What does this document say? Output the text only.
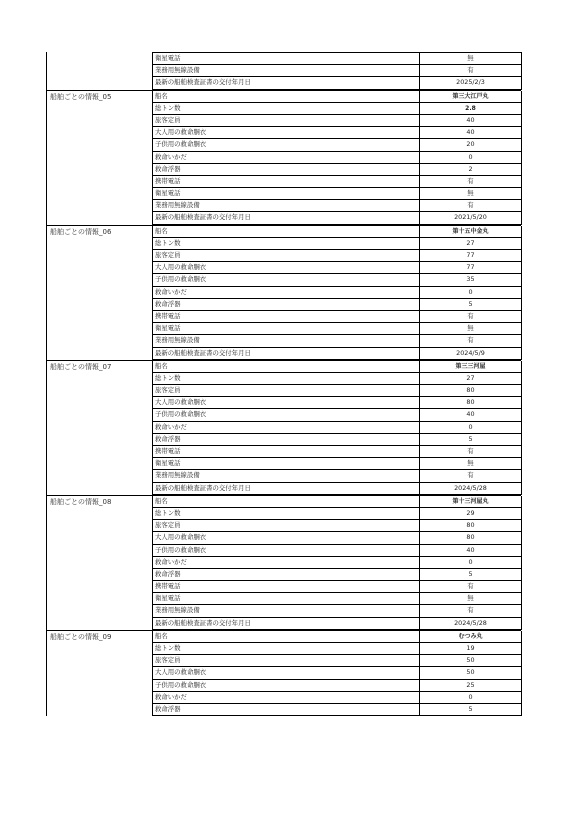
衛星電話	無
業務用無線設備	有
最新の船舶検査証書の交付年月日	2025/2/3
船舶ごとの情報_05	船名	第三大江戸丸
総トン数	2.8
旅客定員	40
大人用の救命胴衣	40
子供用の救命胴衣	20
救命いかだ	0
救命浮器	2
携帯電話	有
衛星電話	無
業務用無線設備	有
最新の船舶検査証書の交付年月日	2021/5/20
船舶ごとの情報_06	船名	第十五中金丸
総トン数	27
旅客定員	77
大人用の救命胴衣	77
子供用の救命胴衣	35
救命いかだ	0
救命浮器	5
携帯電話	有
衛星電話	無
業務用無線設備	有
最新の船舶検査証書の交付年月日	2024/5/9
船舶ごとの情報_07	船名	第三三河屋
総トン数	27
旅客定員	80
大人用の救命胴衣	80
子供用の救命胴衣	40
救命いかだ	0
救命浮器	5
携帯電話	有
衛星電話	無
業務用無線設備	有
最新の船舶検査証書の交付年月日	2024/5/28
船舶ごとの情報_08	船名	第十三河屋丸
総トン数	29
旅客定員	80
大人用の救命胴衣	80
子供用の救命胴衣	40
救命いかだ	0
救命浮器	5
携帯電話	有
衛星電話	無
業務用無線設備	有
最新の船舶検査証書の交付年月日	2024/5/28
船舶ごとの情報_09	船名	むつみ丸
総トン数	19
旅客定員	50
大人用の救命胴衣	50
子供用の救命胴衣	25
救命いかだ	0
救命浮器	5
